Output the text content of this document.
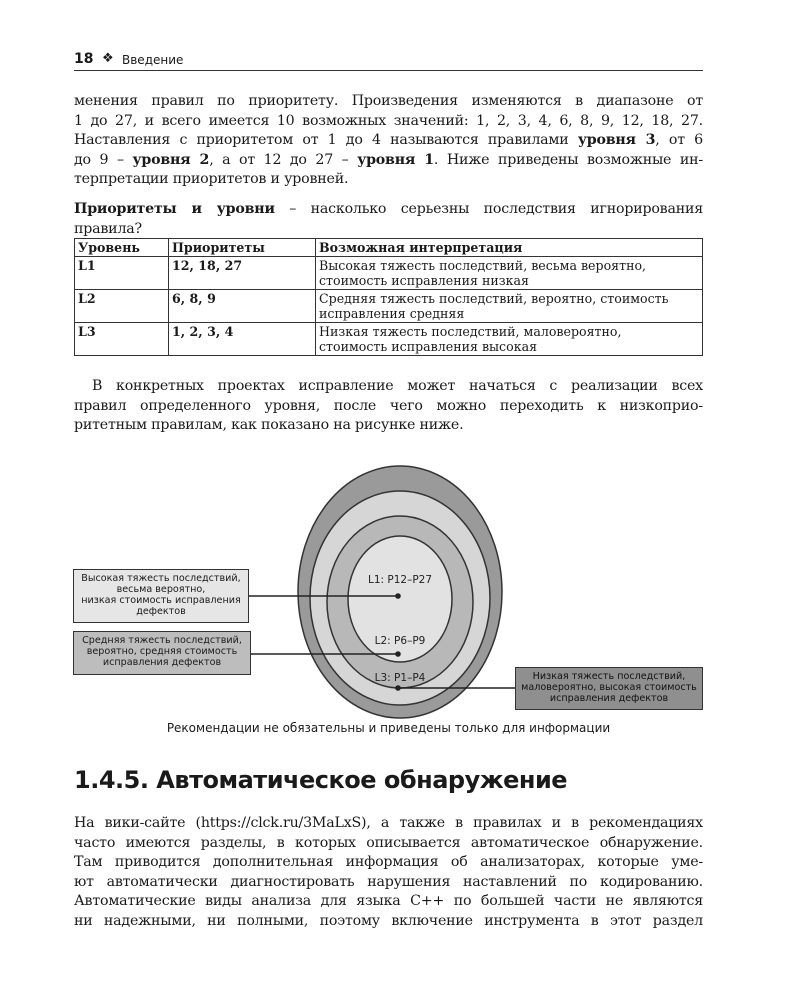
18 ❖ Введение
менения правил по приоритету. Произведения изменяются в диапазоне от
1 до 27, и всего имеется 10 возможных значений: 1, 2, 3, 4, 6, 8, 9, 12, 18, 27.
Наставления с приоритетом от 1 до 4 называются правилами уровня 3, от 6
до 9 – уровня 2, а от 12 до 27 – уровня 1. Ниже приведены возможные ин-
терпретации приоритетов и уровней.
Приоритеты и уровни – насколько серьезны последствия игнорирования
правила?
Уровень	Приоритеты	Возможная интерпретация
L1	12, 18, 27	Высокая тяжесть последствий, весьма вероятно,
стоимость исправления низкая
L2	6, 8, 9	Средняя тяжесть последствий, вероятно, стоимость
исправления средняя
L3	1, 2, 3, 4	Низкая тяжесть последствий, маловероятно,
стоимость исправления высокая
В конкретных проектах исправление может начаться с реализации всех
правил определенного уровня, после чего можно переходить к низкоприо-
ритетным правилам, как показано на рисунке ниже.
L1: P12–P27
L2: P6–P9
L3: P1–P4
Высокая тяжесть последствий,
весьма вероятно,
низкая стоимость исправления
дефектов
Средняя тяжесть последствий,
вероятно, средняя стоимость
исправления дефектов
Низкая тяжесть последствий,
маловероятно, высокая стоимость
исправления дефектов
Рекомендации не обязательны и приведены только для информации
1.4.5. Автоматическое обнаружение
На вики-сайте (https://clck.ru/3MaLxS), а также в правилах и в рекомендациях
часто имеются разделы, в которых описывается автоматическое обнаружение.
Там приводится дополнительная информация об анализаторах, которые уме-
ют автоматически диагностировать нарушения наставлений по кодированию.
Автоматические виды анализа для языка C++ по большей части не являются
ни надежными, ни полными, поэтому включение инструмента в этот раздел
